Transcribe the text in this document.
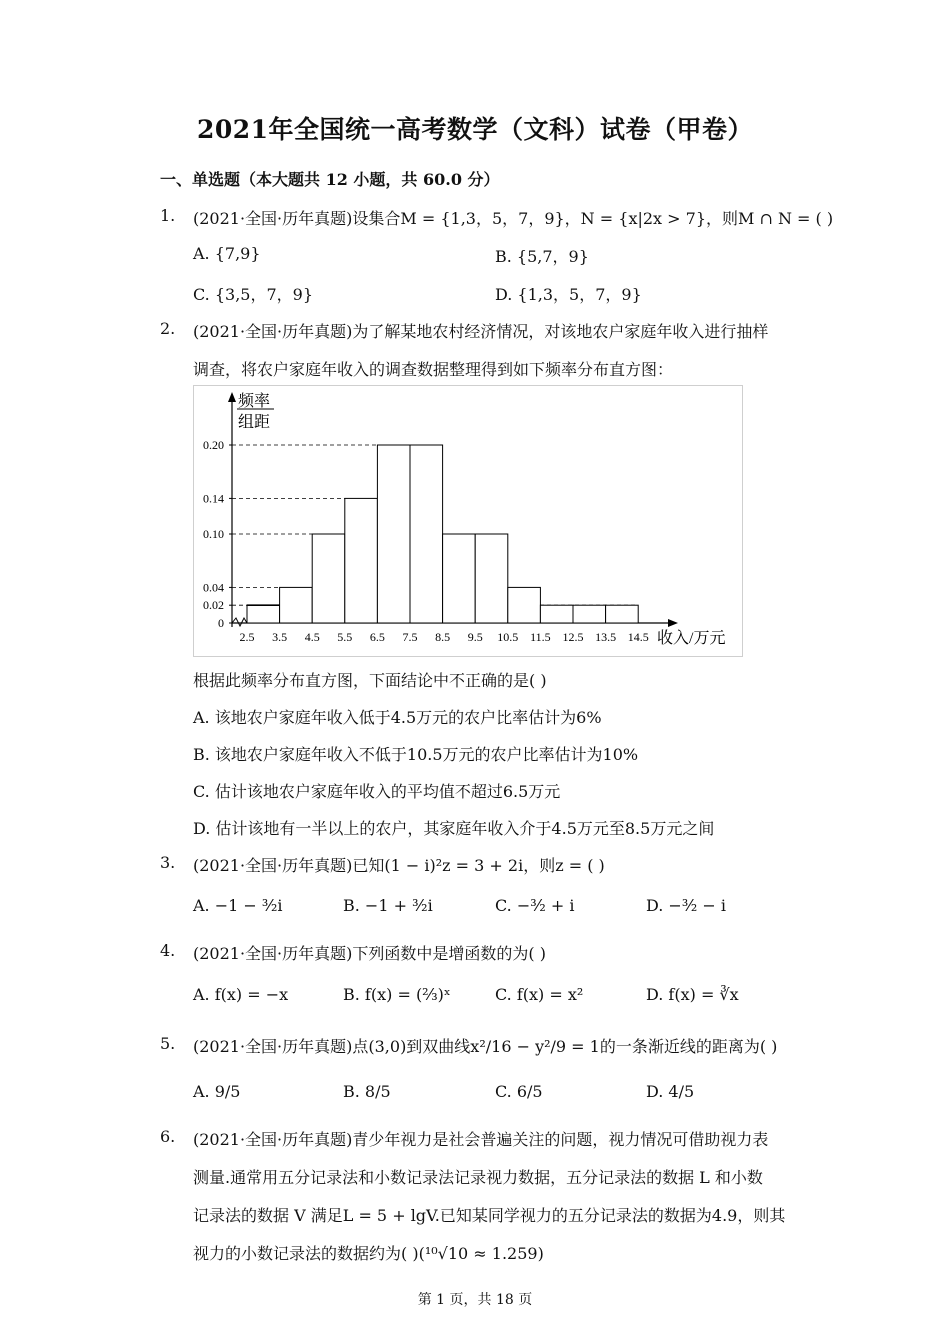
2021年全国统一高考数学（文科）试卷（甲卷）
一、单选题（本大题共 12 小题，共 60.0 分）
1. (2021·全国·历年真题)设集合M = {1,3，5，7，9}，N = {x|2x > 7}，则M ∩ N = ( )
A. {7,9}	B. {5,7，9}
C. {3,5，7，9}	D. {1,3，5，7，9}
2. (2021·全国·历年真题)为了解某地农村经济情况，对该地农户家庭年收入进行抽样
调查，将农户家庭年收入的调查数据整理得到如下频率分布直方图：
频率
组距
0
0.02
0.04
0.10
0.14
0.20
2.5 3.5 4.5 5.5 6.5 7.5 8.5 9.5 10.5 11.5 12.5 13.5 14.5 收入/万元
根据此频率分布直方图，下面结论中不正确的是( )
A. 该地农户家庭年收入低于4.5万元的农户比率估计为6%
B. 该地农户家庭年收入不低于10.5万元的农户比率估计为10%
C. 估计该地农户家庭年收入的平均值不超过6.5万元
D. 估计该地有一半以上的农户，其家庭年收入介于4.5万元至8.5万元之间
3. (2021·全国·历年真题)已知(1 − i)²z = 3 + 2i，则z = ( )
A. −1 − ³⁄₂i	B. −1 + ³⁄₂i	C. −³⁄₂ + i	D. −³⁄₂ − i
4. (2021·全国·历年真题)下列函数中是增函数的为( )
A. f(x) = −x	B. f(x) = (²⁄₃)ˣ	C. f(x) = x²	D. f(x) = ∛x
5. (2021·全国·历年真题)点(3,0)到双曲线x²/16 − y²/9 = 1的一条渐近线的距离为( )
A. 9/5	B. 8/5	C. 6/5	D. 4/5
6. (2021·全国·历年真题)青少年视力是社会普遍关注的问题，视力情况可借助视力表
测量.通常用五分记录法和小数记录法记录视力数据，五分记录法的数据 L 和小数
记录法的数据 V 满足L = 5 + lgV.已知某同学视力的五分记录法的数据为4.9，则其
视力的小数记录法的数据约为( )(¹⁰√10 ≈ 1.259)
第 1 页，共 18 页
